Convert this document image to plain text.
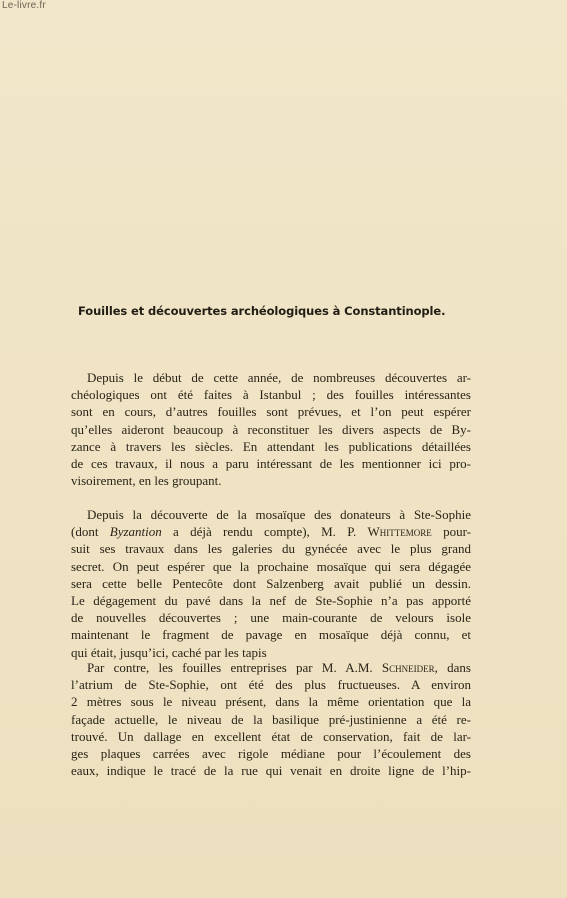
Le-livre.fr
Fouilles et découvertes archéologiques à Constantinople.
Depuis le début de cette année, de nombreuses découvertes ar-
chéologiques ont été faites à Istanbul ; des fouilles intéressantes
sont en cours, d’autres fouilles sont prévues, et l’on peut espérer
qu’elles aideront beaucoup à reconstituer les divers aspects de By-
zance à travers les siècles. En attendant les publications détaillées
de ces travaux, il nous a paru intéressant de les mentionner ici pro-
visoirement, en les groupant.
Depuis la découverte de la mosaïque des donateurs à Ste-Sophie
(dont Byzantion a déjà rendu compte), M. P. Whittemore pour-
suit ses travaux dans les galeries du gynécée avec le plus grand
secret. On peut espérer que la prochaine mosaïque qui sera dégagée
sera cette belle Pentecôte dont Salzenberg avait publié un dessin.
Le dégagement du pavé dans la nef de Ste-Sophie n’a pas apporté
de nouvelles découvertes ; une main-courante de velours isole
maintenant le fragment de pavage en mosaïque déjà connu, et
qui était, jusqu’ici, caché par les tapis
Par contre, les fouilles entreprises par M. A.M. Schneider, dans
l’atrium de Ste-Sophie, ont été des plus fructueuses. A environ
2 mètres sous le niveau présent, dans la même orientation que la
façade actuelle, le niveau de la basilique pré-justinienne a été re-
trouvé. Un dallage en excellent état de conservation, fait de lar-
ges plaques carrées avec rigole médiane pour l’écoulement des
eaux, indique le tracé de la rue qui venait en droite ligne de l’hip-
